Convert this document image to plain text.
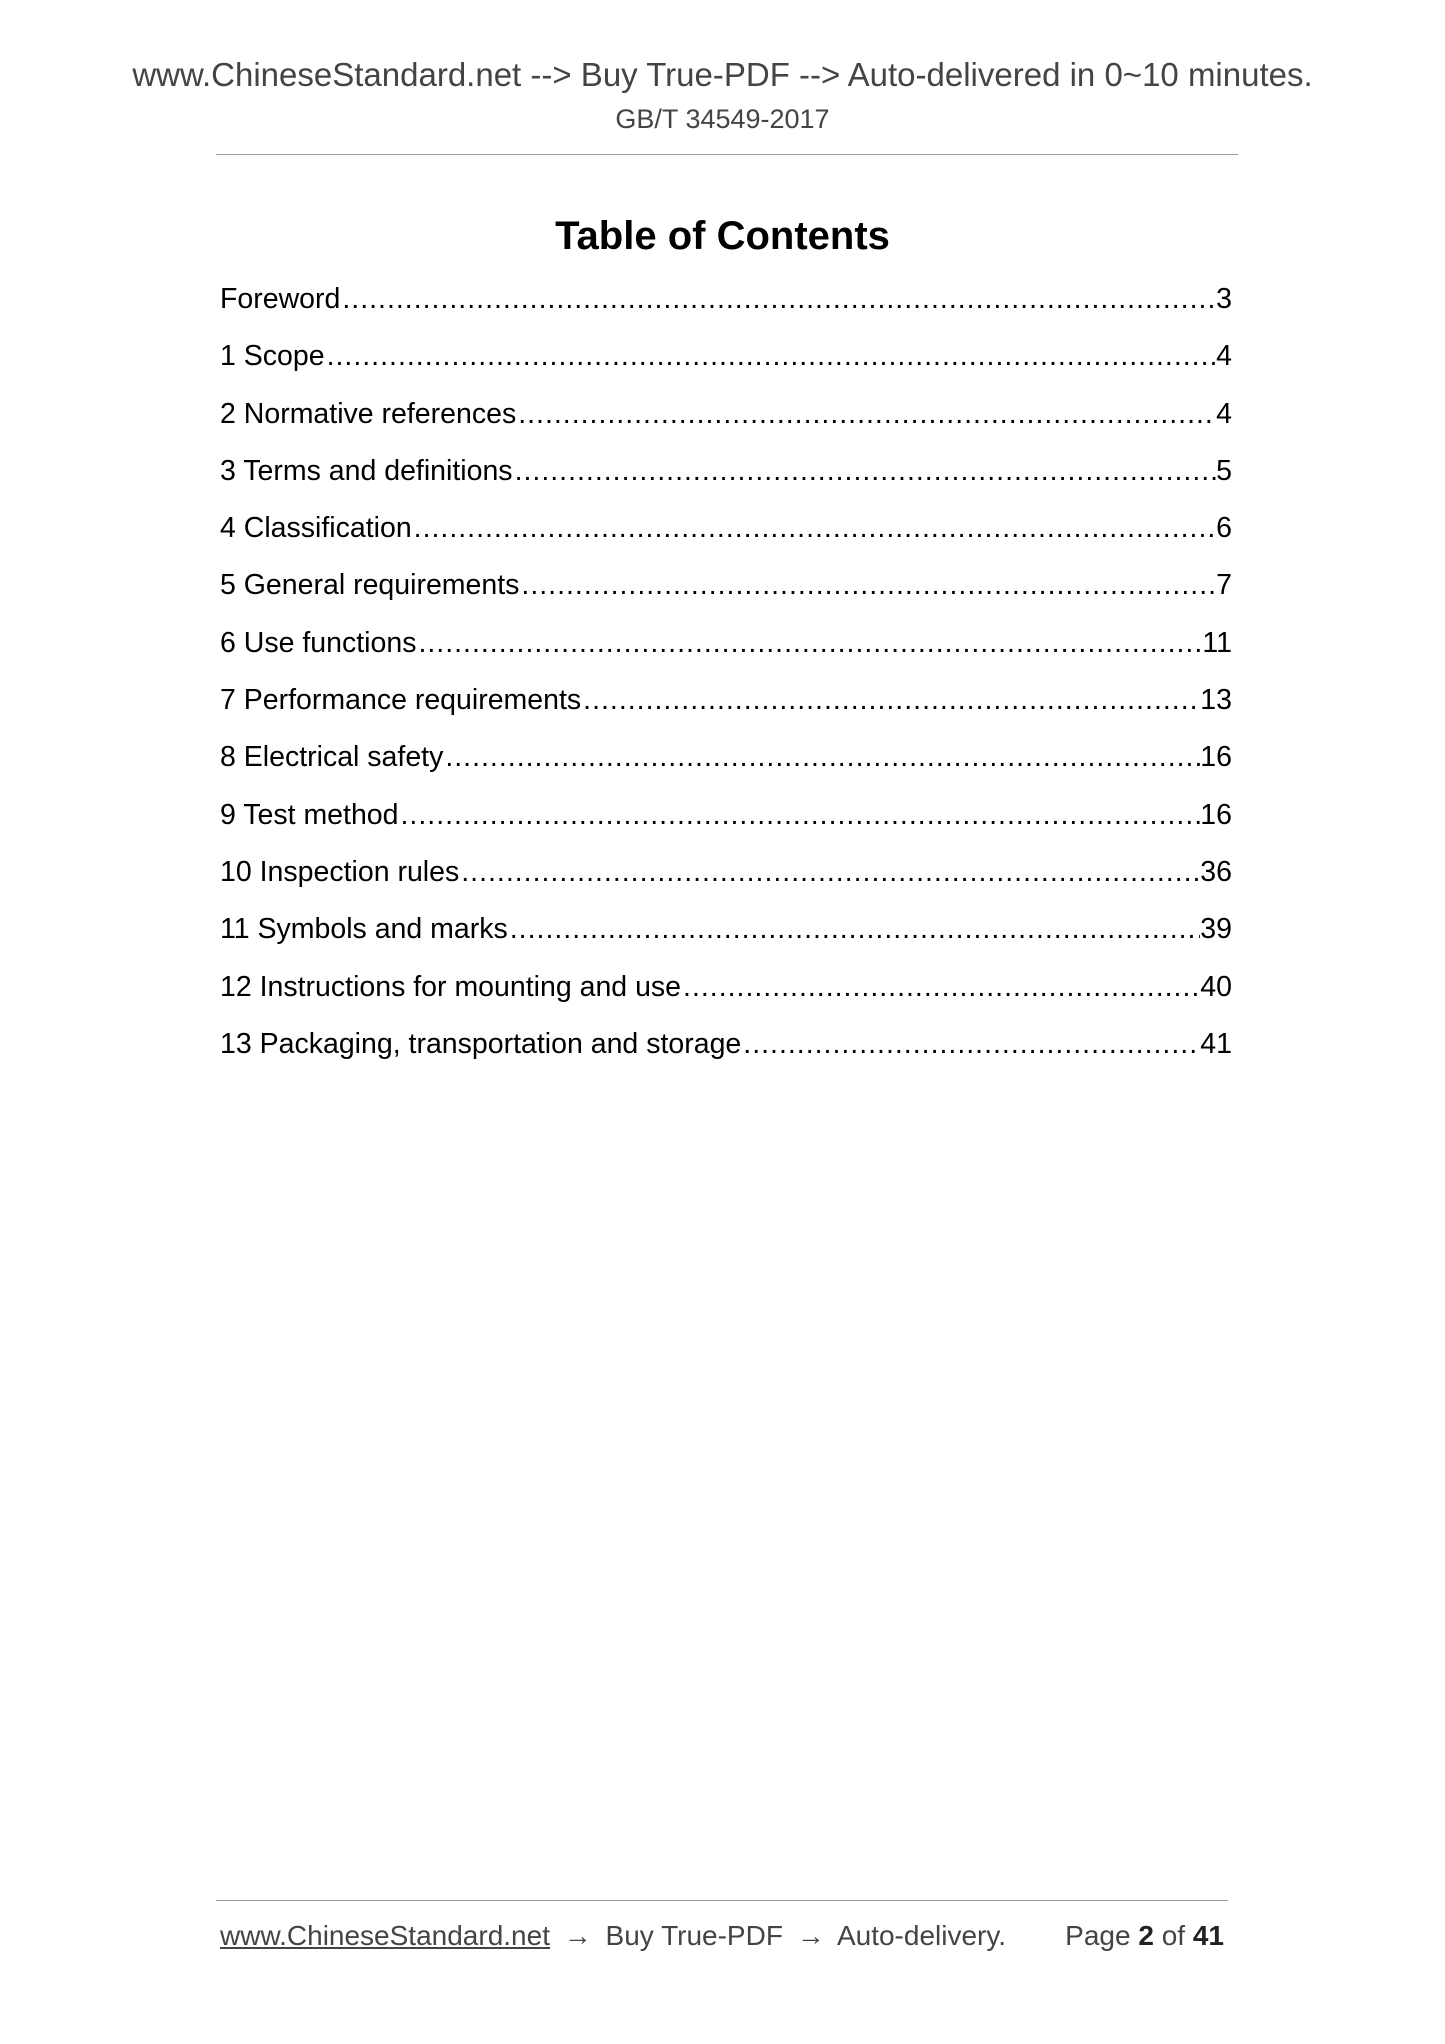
www.ChineseStandard.net --> Buy True-PDF --> Auto-delivered in 0~10 minutes.
GB/T 34549-2017
Table of Contents
Foreword .....	3
1 Scope .....	4
2 Normative references .....	4
3 Terms and definitions .....	5
4 Classification .....	6
5 General requirements .....	7
6 Use functions .....	11
7 Performance requirements .....	13
8 Electrical safety .....	16
9 Test method .....	16
10 Inspection rules .....	36
11 Symbols and marks .....	39
12 Instructions for mounting and use .....	40
13 Packaging, transportation and storage .....	41
www.ChineseStandard.net → Buy True-PDF → Auto-delivery. Page 2 of 41
